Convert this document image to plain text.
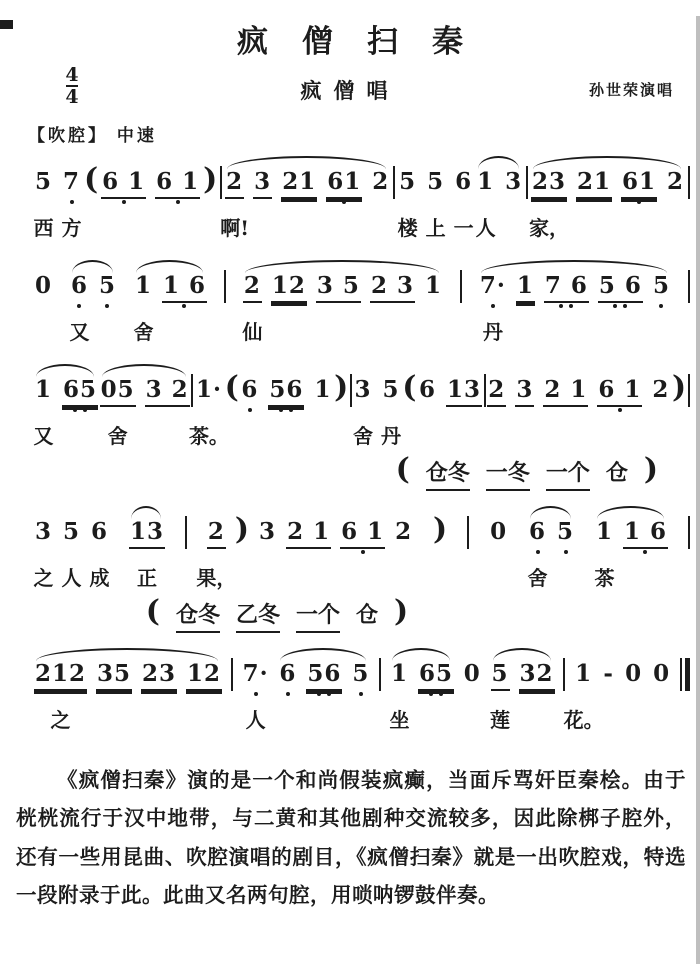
疯僧扫秦
4
4	疯僧唱	孙世荣演唱
【吹腔】 中速
5
西
7
方
( 6 1 6 1 ) 2
啊!
3 21 61 2 5
楼
5
上
6
一
1
人
3 23
家，
21 61 2
0 6
又
5 1
舍
1 6 2
仙
12 3 5 2 3 1 7·
丹
1 7 6 5 6 5
1
又
65 05
舍
3 2 1·
茶。
( 6 56 1 ) 3
舍
5
丹
( 6 13 2 3 2 1 6 1 2 )
( 仓冬 一冬 一个 仓 )
3
之
5
人
6
成
13
正
2
果，
) 3 2 1 6 1 2 ) 0 6
舍
5 1
茶
1 6
( 仓冬 乙冬 一个 仓 )
212
之
35 23 12 7·
人
6 56 5 1
坐
65 0 5
莲
32 1
花。
- 0 0

《疯僧扫秦》演的是一个和尚假装疯癫，当面斥骂奸臣秦桧。由于桄桄流行于汉中地带，与二黄和其他剧种交流较多，因此除梆子腔外，还有一些用昆曲、吹腔演唱的剧目，《疯僧扫秦》就是一出吹腔戏，特选一段附录于此。此曲又名两句腔，用唢呐锣鼓伴奏。
